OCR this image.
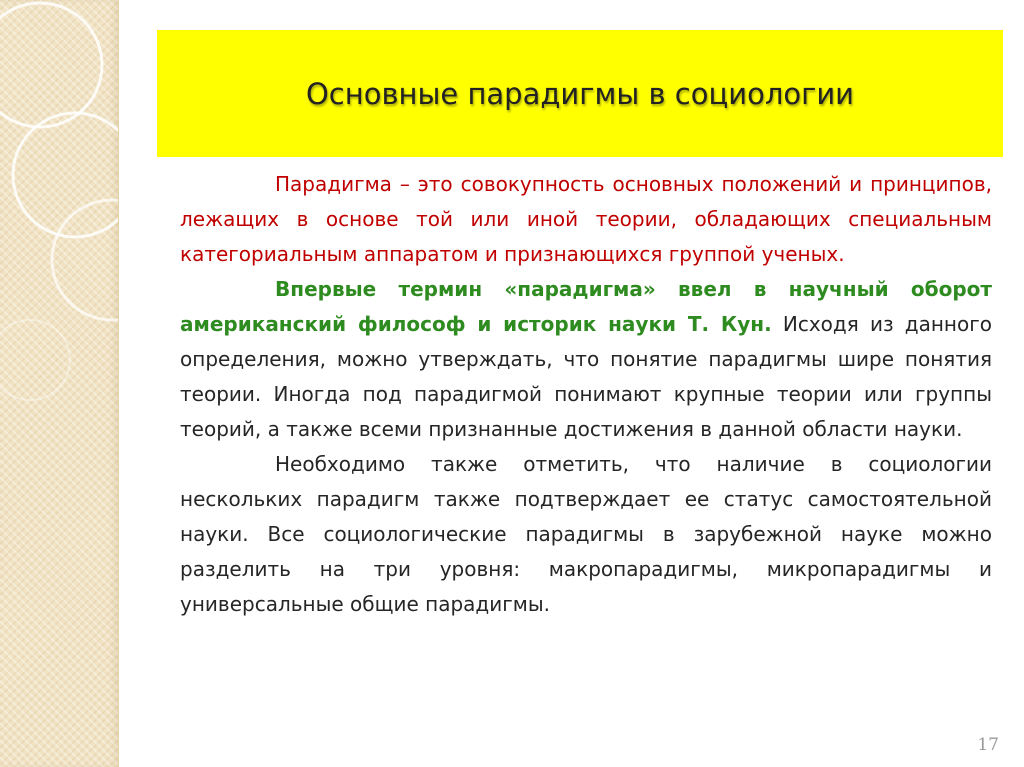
Основные парадигмы в социологии

Парадигма – это совокупность основных положений и принципов, лежащих в основе той или иной теории, обладающих специальным категориальным аппаратом и признающихся группой ученых.

Впервые термин «парадигма» ввел в научный оборот американский философ и историк науки Т. Кун. Исходя из данного определения, можно утверждать, что понятие парадигмы шире понятия теории. Иногда под парадигмой понимают крупные теории или группы теорий, а также всеми признанные достижения в данной области науки.

Необходимо также отметить, что наличие в социологии нескольких парадигм также подтверждает ее статус самостоятельной науки. Все социологические парадигмы в зарубежной науке можно разделить на три уровня: макропарадигмы, микропарадигмы и универсальные общие парадигмы.

17
